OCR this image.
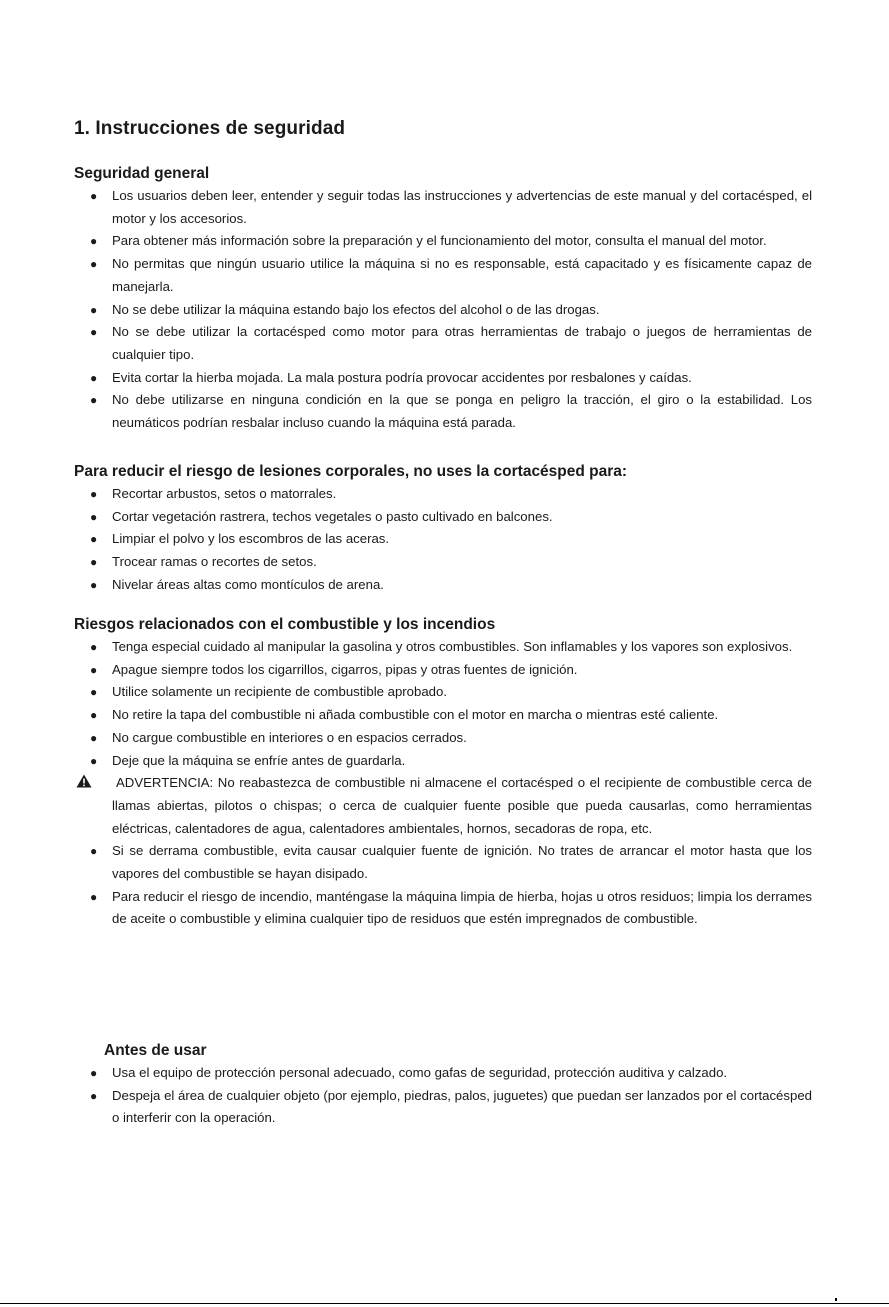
1. Instrucciones de seguridad
Seguridad general
● Los usuarios deben leer, entender y seguir todas las instrucciones y advertencias de este manual y del cortacésped, el motor y los accesorios.
● Para obtener más información sobre la preparación y el funcionamiento del motor, consulta el manual del motor.
● No permitas que ningún usuario utilice la máquina si no es responsable, está capacitado y es físicamente capaz de manejarla.
● No se debe utilizar la máquina estando bajo los efectos del alcohol o de las drogas.
● No se debe utilizar la cortacésped como motor para otras herramientas de trabajo o juegos de herramientas de cualquier tipo.
● Evita cortar la hierba mojada. La mala postura podría provocar accidentes por resbalones y caídas.
● No debe utilizarse en ninguna condición en la que se ponga en peligro la tracción, el giro o la estabilidad. Los neumáticos podrían resbalar incluso cuando la máquina está parada.
Para reducir el riesgo de lesiones corporales, no uses la cortacésped para:
● Recortar arbustos, setos o matorrales.
● Cortar vegetación rastrera, techos vegetales o pasto cultivado en balcones.
● Limpiar el polvo y los escombros de las aceras.
● Trocear ramas o recortes de setos.
● Nivelar áreas altas como montículos de arena.
Riesgos relacionados con el combustible y los incendios
● Tenga especial cuidado al manipular la gasolina y otros combustibles. Son inflamables y los vapores son explosivos.
● Apague siempre todos los cigarrillos, cigarros, pipas y otras fuentes de ignición.
● Utilice solamente un recipiente de combustible aprobado.
● No retire la tapa del combustible ni añada combustible con el motor en marcha o mientras esté caliente.
● No cargue combustible en interiores o en espacios cerrados.
● Deje que la máquina se enfríe antes de guardarla.
ADVERTENCIA: No reabastezca de combustible ni almacene el cortacésped o el recipiente de combustible cerca de llamas abiertas, pilotos o chispas; o cerca de cualquier fuente posible que pueda causarlas, como herramientas eléctricas, calentadores de agua, calentadores ambientales, hornos, secadoras de ropa, etc.
● Si se derrama combustible, evita causar cualquier fuente de ignición. No trates de arrancar el motor hasta que los vapores del combustible se hayan disipado.
● Para reducir el riesgo de incendio, manténgase la máquina limpia de hierba, hojas u otros residuos; limpia los derrames de aceite o combustible y elimina cualquier tipo de residuos que estén impregnados de combustible.
Antes de usar
● Usa el equipo de protección personal adecuado, como gafas de seguridad, protección auditiva y calzado.
● Despeja el área de cualquier objeto (por ejemplo, piedras, palos, juguetes) que puedan ser lanzados por el cortacésped o interferir con la operación.
